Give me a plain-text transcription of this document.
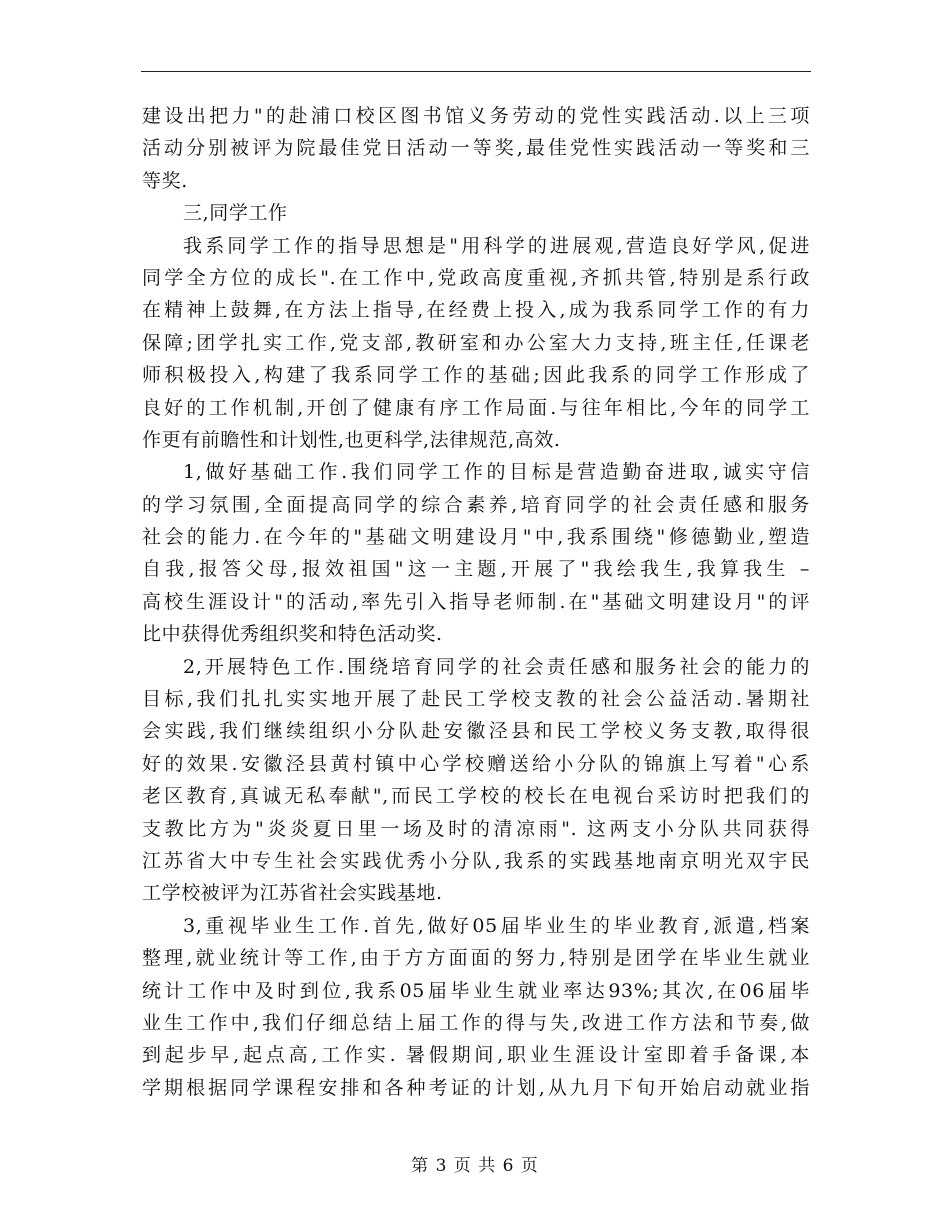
建设出把力"的赴浦口校区图书馆义务劳动的党性实践活动.以上三项
活动分别被评为院最佳党日活动一等奖,最佳党性实践活动一等奖和三
等奖.
三,同学工作
我系同学工作的指导思想是"用科学的进展观,营造良好学风,促进
同学全方位的成长".在工作中,党政高度重视,齐抓共管,特别是系行政
在精神上鼓舞,在方法上指导,在经费上投入,成为我系同学工作的有力
保障;团学扎实工作,党支部,教研室和办公室大力支持,班主任,任课老
师积极投入,构建了我系同学工作的基础;因此我系的同学工作形成了
良好的工作机制,开创了健康有序工作局面.与往年相比,今年的同学工
作更有前瞻性和计划性,也更科学,法律规范,高效.
1,做好基础工作.我们同学工作的目标是营造勤奋进取,诚实守信
的学习氛围,全面提高同学的综合素养,培育同学的社会责任感和服务
社会的能力.在今年的"基础文明建设月"中,我系围绕"修德勤业,塑造
自我,报答父母,报效祖国"这一主题,开展了"我绘我生,我算我生 –
高校生涯设计"的活动,率先引入指导老师制.在"基础文明建设月"的评
比中获得优秀组织奖和特色活动奖.
2,开展特色工作.围绕培育同学的社会责任感和服务社会的能力的
目标,我们扎扎实实地开展了赴民工学校支教的社会公益活动.暑期社
会实践,我们继续组织小分队赴安徽泾县和民工学校义务支教,取得很
好的效果.安徽泾县黄村镇中心学校赠送给小分队的锦旗上写着"心系
老区教育,真诚无私奉献",而民工学校的校长在电视台采访时把我们的
支教比方为"炎炎夏日里一场及时的清凉雨". 这两支小分队共同获得
江苏省大中专生社会实践优秀小分队,我系的实践基地南京明光双宇民
工学校被评为江苏省社会实践基地.
3,重视毕业生工作.首先,做好05届毕业生的毕业教育,派遣,档案
整理,就业统计等工作,由于方方面面的努力,特别是团学在毕业生就业
统计工作中及时到位,我系05届毕业生就业率达93%;其次,在06届毕
业生工作中,我们仔细总结上届工作的得与失,改进工作方法和节奏,做
到起步早,起点高,工作实. 暑假期间,职业生涯设计室即着手备课,本
学期根据同学课程安排和各种考证的计划,从九月下旬开始启动就业指
第 3 页 共 6 页
